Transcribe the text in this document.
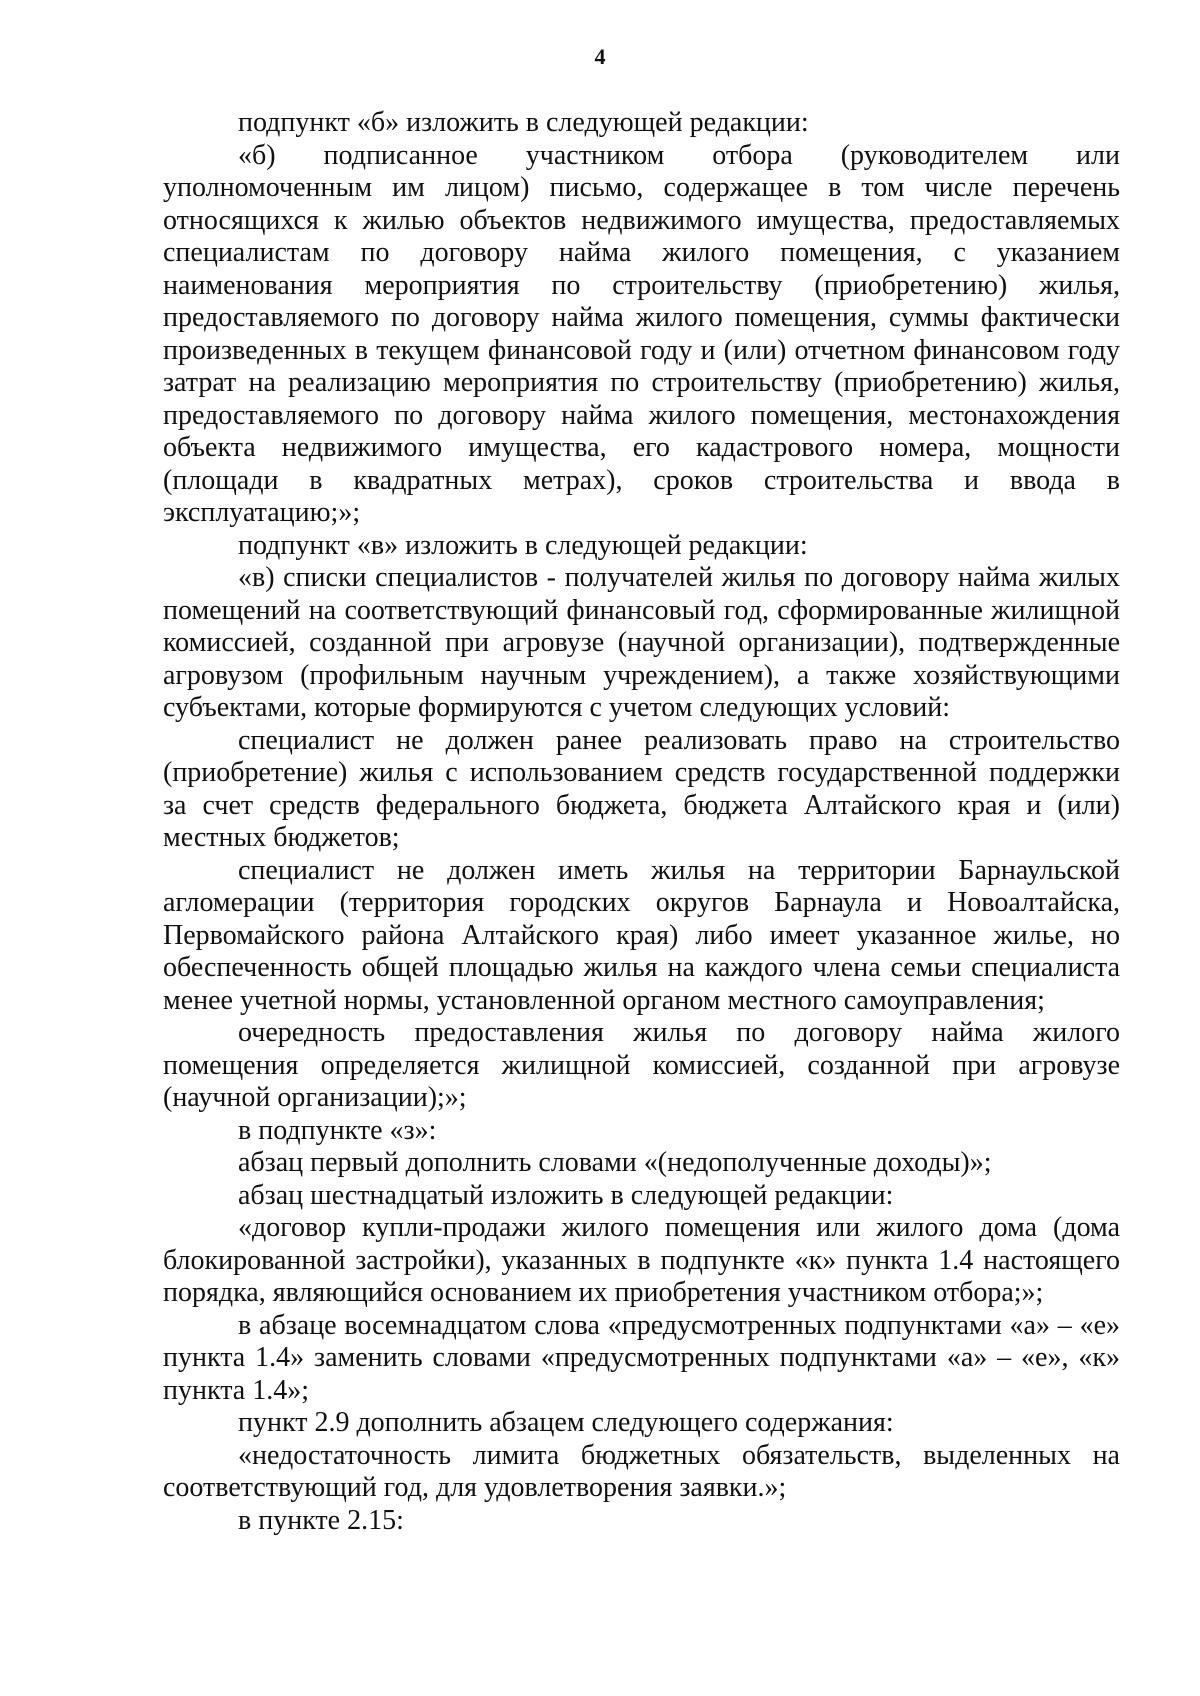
4

подпункт «б» изложить в следующей редакции:

«б) подписанное участником отбора (руководителем или уполномоченным им лицом) письмо, содержащее в том числе перечень относящихся к жилью объектов недвижимого имущества, предоставляемых специалистам по договору найма жилого помещения, с указанием наименования мероприятия по строительству (приобретению) жилья, предоставляемого по договору найма жилого помещения, суммы фактически произведенных в текущем финансовой году и (или) отчетном финансовом году затрат на реализацию мероприятия по строительству (приобретению) жилья, предоставляемого по договору найма жилого помещения, местонахождения объекта недвижимого имущества, его кадастрового номера, мощности (площади в квадратных метрах), сроков строительства и ввода в эксплуатацию;»;

подпункт «в» изложить в следующей редакции:

«в) списки специалистов - получателей жилья по договору найма жилых помещений на соответствующий финансовый год, сформированные жилищной комиссией, созданной при агровузе (научной организации), подтвержденные агровузом (профильным научным учреждением), а также хозяйствующими субъектами, которые формируются с учетом следующих условий:

специалист не должен ранее реализовать право на строительство (приобретение) жилья с использованием средств государственной поддержки за счет средств федерального бюджета, бюджета Алтайского края и (или) местных бюджетов;

специалист не должен иметь жилья на территории Барнаульской агломерации (территория городских округов Барнаула и Новоалтайска, Первомайского района Алтайского края) либо имеет указанное жилье, но обеспеченность общей площадью жилья на каждого члена семьи специалиста менее учетной нормы, установленной органом местного самоуправления;

очередность предоставления жилья по договору найма жилого помещения определяется жилищной комиссией, созданной при агровузе (научной организации);»;

в подпункте «з»:

абзац первый дополнить словами «(недополученные доходы)»;

абзац шестнадцатый изложить в следующей редакции:

«договор купли-продажи жилого помещения или жилого дома (дома блокированной застройки), указанных в подпункте «к» пункта 1.4 настоящего порядка, являющийся основанием их приобретения участником отбора;»;

в абзаце восемнадцатом слова «предусмотренных подпунктами «а» – «е» пункта 1.4» заменить словами «предусмотренных подпунктами «а» – «е», «к» пункта 1.4»;

пункт 2.9 дополнить абзацем следующего содержания:

«недостаточность лимита бюджетных обязательств, выделенных на соответствующий год, для удовлетворения заявки.»;

в пункте 2.15:
